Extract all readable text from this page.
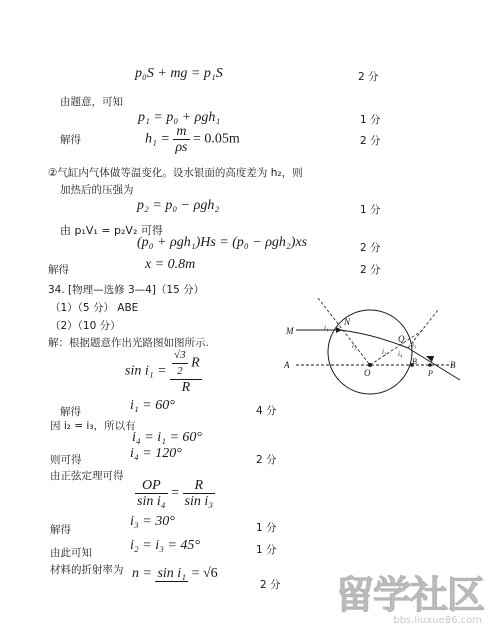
p₀S + mg = p₁S	2 分
由题意，可知
p₁ = p₀ + ρgh₁	1 分
解得	$h_1 = \frac{m}{\rho s} = 0.05m$	2 分
②气缸内气体做等温变化。设水银面的高度差为 h₂，则
加热后的压强为
p₂ = p₀ − ρgh₂	1 分
由 p₁V₁ = p₂V₂ 可得
(p₀ + ρgh₁)Hs = (p₀ − ρgh₂)xs	2 分
解得	x = 0.8m	2 分
34. [物理—选修 3—4]（15 分）
（1）（5 分） ABE
（2）（10 分）
解：根据题意作出光路图如图所示.
$\sin i_1 = \frac{\frac{√3}{2} R}{R}$
解得	i₁ = 60°	4 分
因 i₂ = i₃，所以有
i₄ = i₁ = 60°
则可得	i₄ = 120°	2 分
由正弦定理可得
$\frac{OP}{\text{sin i₄}} = \frac{R}{\text{sin i₃}}$
解得
i₃ = 30°	1 分
由此可知	i₂ = i₃ = 45°	1 分
材料的折射率为 n = sin i₁ = √6
2 分
M
N
A
O
Q
B	B
P
i₁
i₂
i₃ i₄
i₅
留学社区
bbs.liuxue86.com
